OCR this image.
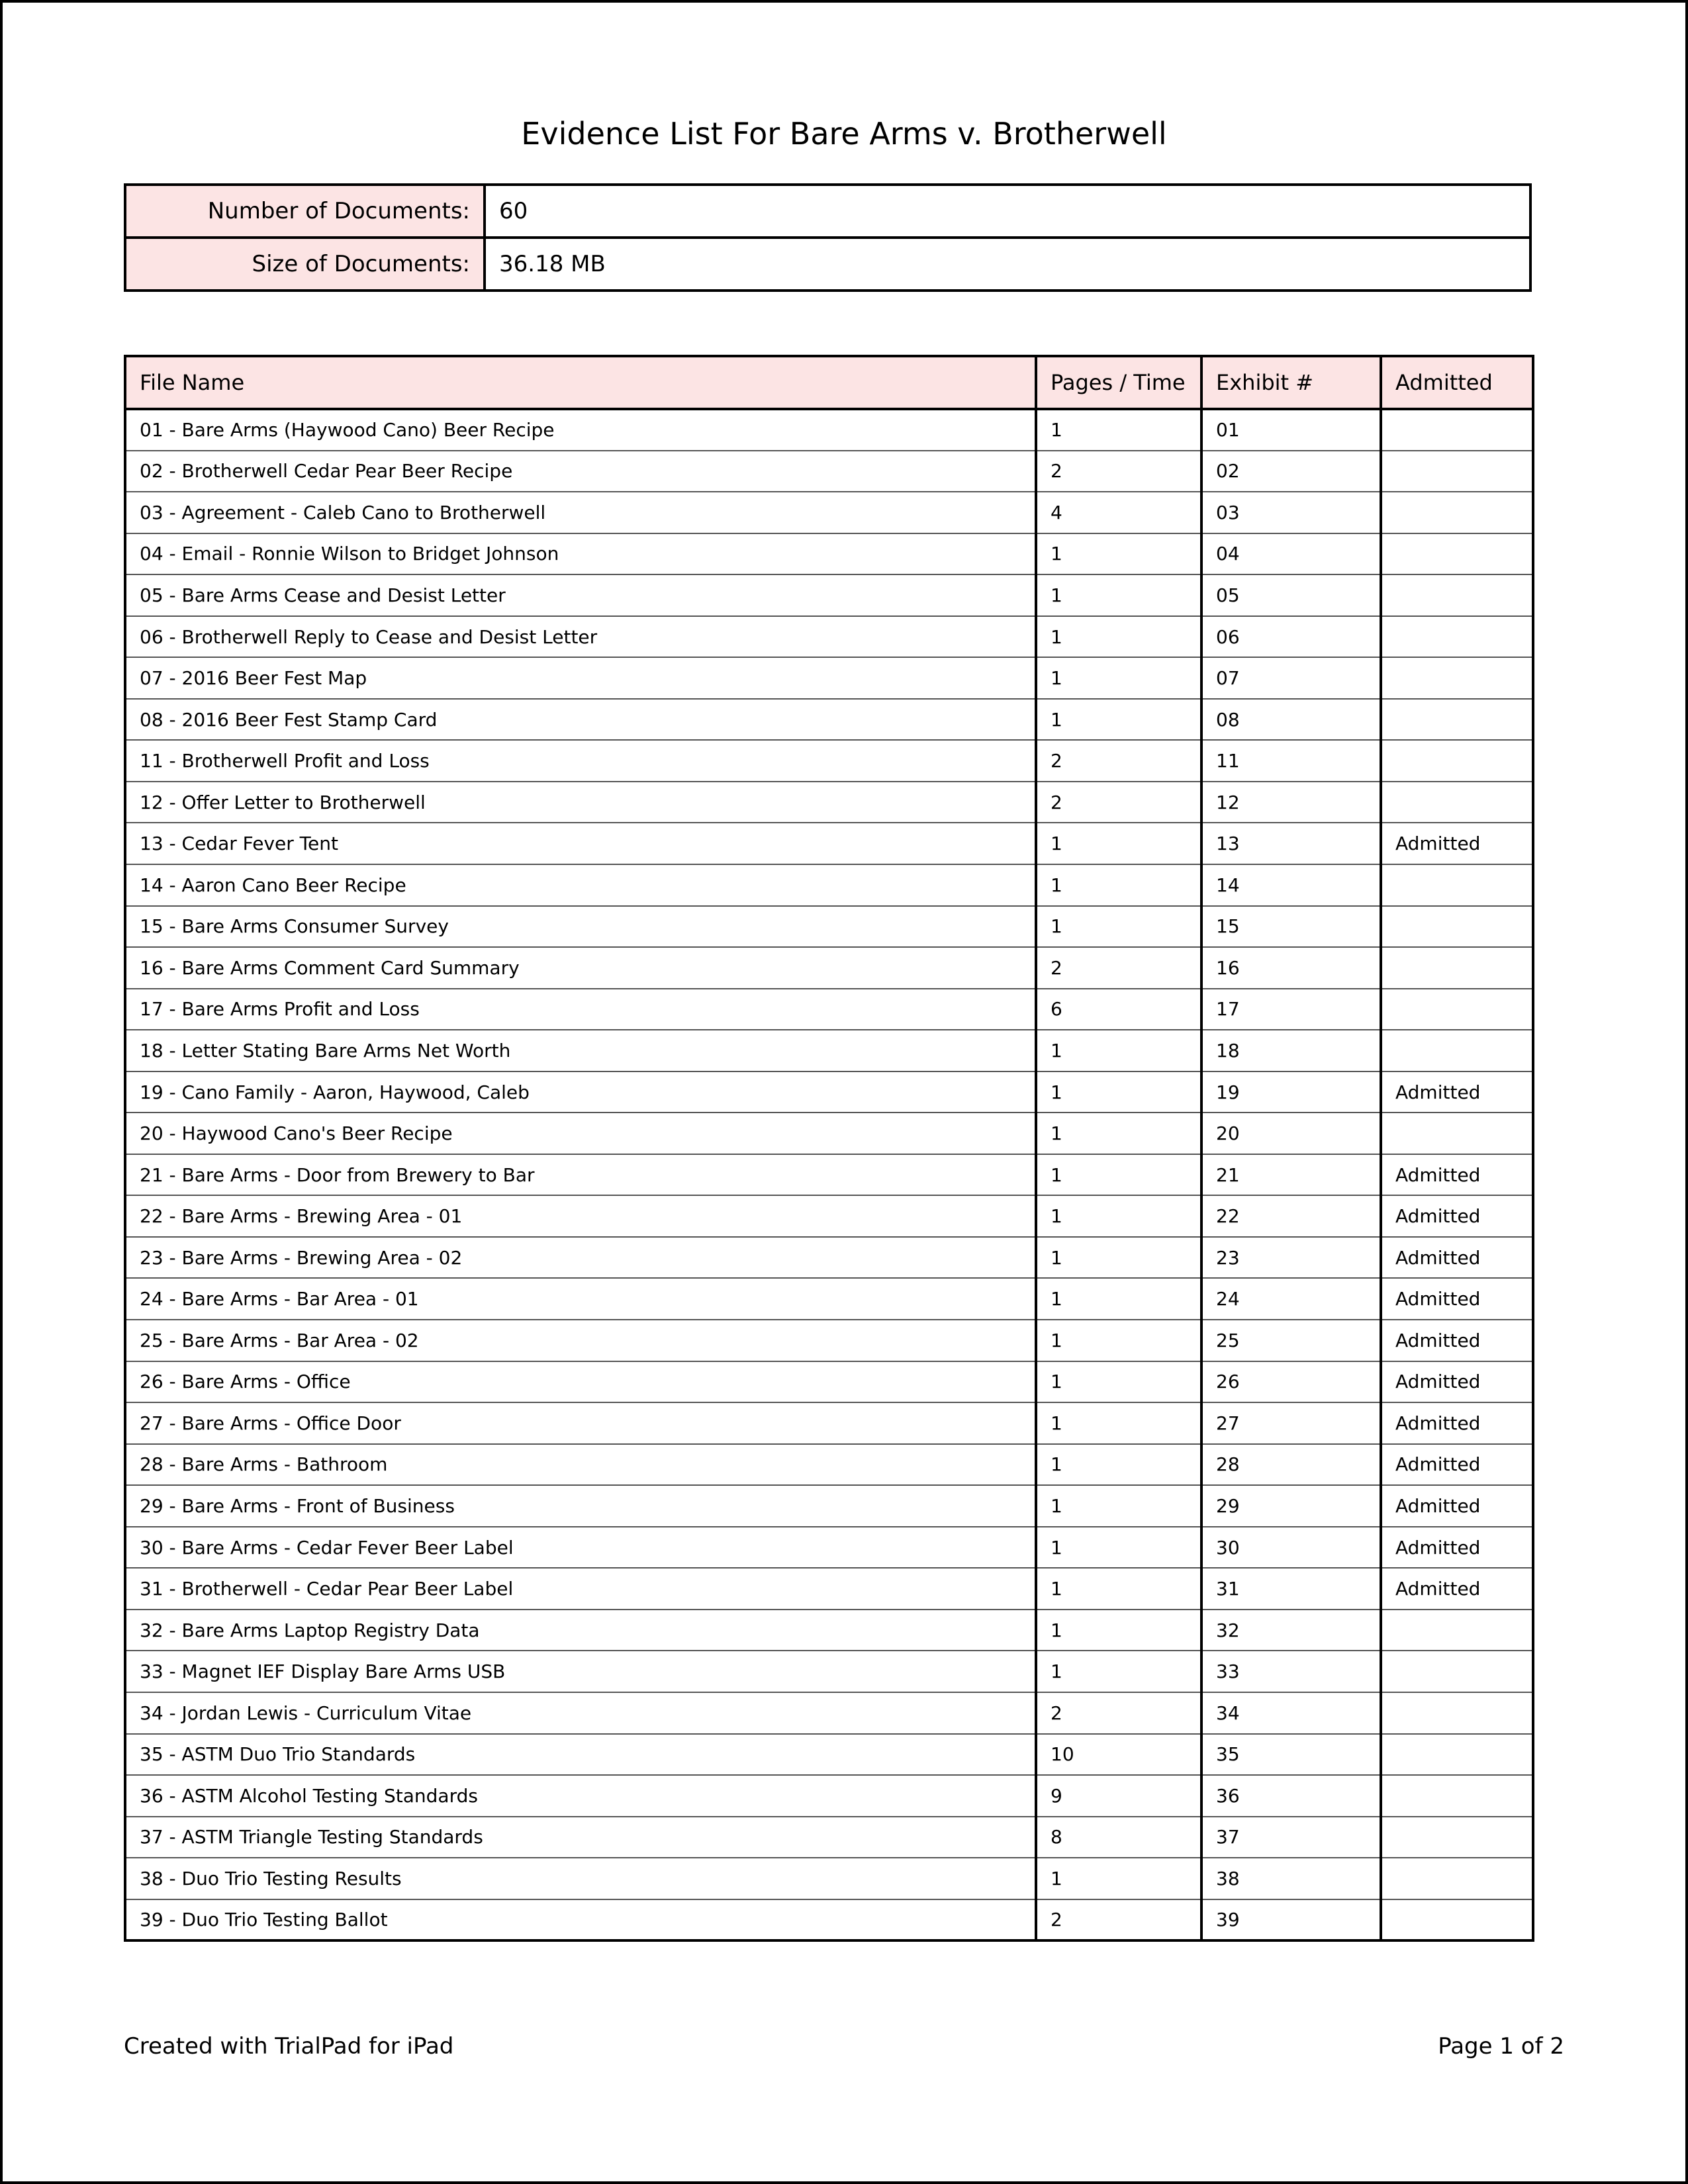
Evidence List For Bare Arms v. Brotherwell
Number of Documents:	60
Size of Documents:	36.18 MB
File Name	Pages / Time	Exhibit #	Admitted
01 - Bare Arms (Haywood Cano) Beer Recipe	1	01	
02 - Brotherwell Cedar Pear Beer Recipe	2	02	
03 - Agreement - Caleb Cano to Brotherwell	4	03	
04 - Email - Ronnie Wilson to Bridget Johnson	1	04	
05 - Bare Arms Cease and Desist Letter	1	05	
06 - Brotherwell Reply to Cease and Desist Letter	1	06	
07 - 2016 Beer Fest Map	1	07	
08 - 2016 Beer Fest Stamp Card	1	08	
11 - Brotherwell Profit and Loss	2	11	
12 - Offer Letter to Brotherwell	2	12	
13 - Cedar Fever Tent	1	13	Admitted
14 - Aaron Cano Beer Recipe	1	14	
15 - Bare Arms Consumer Survey	1	15	
16 - Bare Arms Comment Card Summary	2	16	
17 - Bare Arms Profit and Loss	6	17	
18 - Letter Stating Bare Arms Net Worth	1	18	
19 - Cano Family - Aaron, Haywood, Caleb	1	19	Admitted
20 - Haywood Cano's Beer Recipe	1	20	
21 - Bare Arms - Door from Brewery to Bar	1	21	Admitted
22 - Bare Arms - Brewing Area - 01	1	22	Admitted
23 - Bare Arms - Brewing Area - 02	1	23	Admitted
24 - Bare Arms - Bar Area - 01	1	24	Admitted
25 - Bare Arms - Bar Area - 02	1	25	Admitted
26 - Bare Arms - Office	1	26	Admitted
27 - Bare Arms - Office Door	1	27	Admitted
28 - Bare Arms - Bathroom	1	28	Admitted
29 - Bare Arms - Front of Business	1	29	Admitted
30 - Bare Arms - Cedar Fever Beer Label	1	30	Admitted
31 - Brotherwell - Cedar Pear Beer Label	1	31	Admitted
32 - Bare Arms Laptop Registry Data	1	32	
33 - Magnet IEF Display Bare Arms USB	1	33	
34 - Jordan Lewis - Curriculum Vitae	2	34	
35 - ASTM Duo Trio Standards	10	35	
36 - ASTM Alcohol Testing Standards	9	36	
37 - ASTM Triangle Testing Standards	8	37	
38 - Duo Trio Testing Results	1	38	
39 - Duo Trio Testing Ballot	2	39	
Created with TrialPad for iPad	Page 1 of 2
